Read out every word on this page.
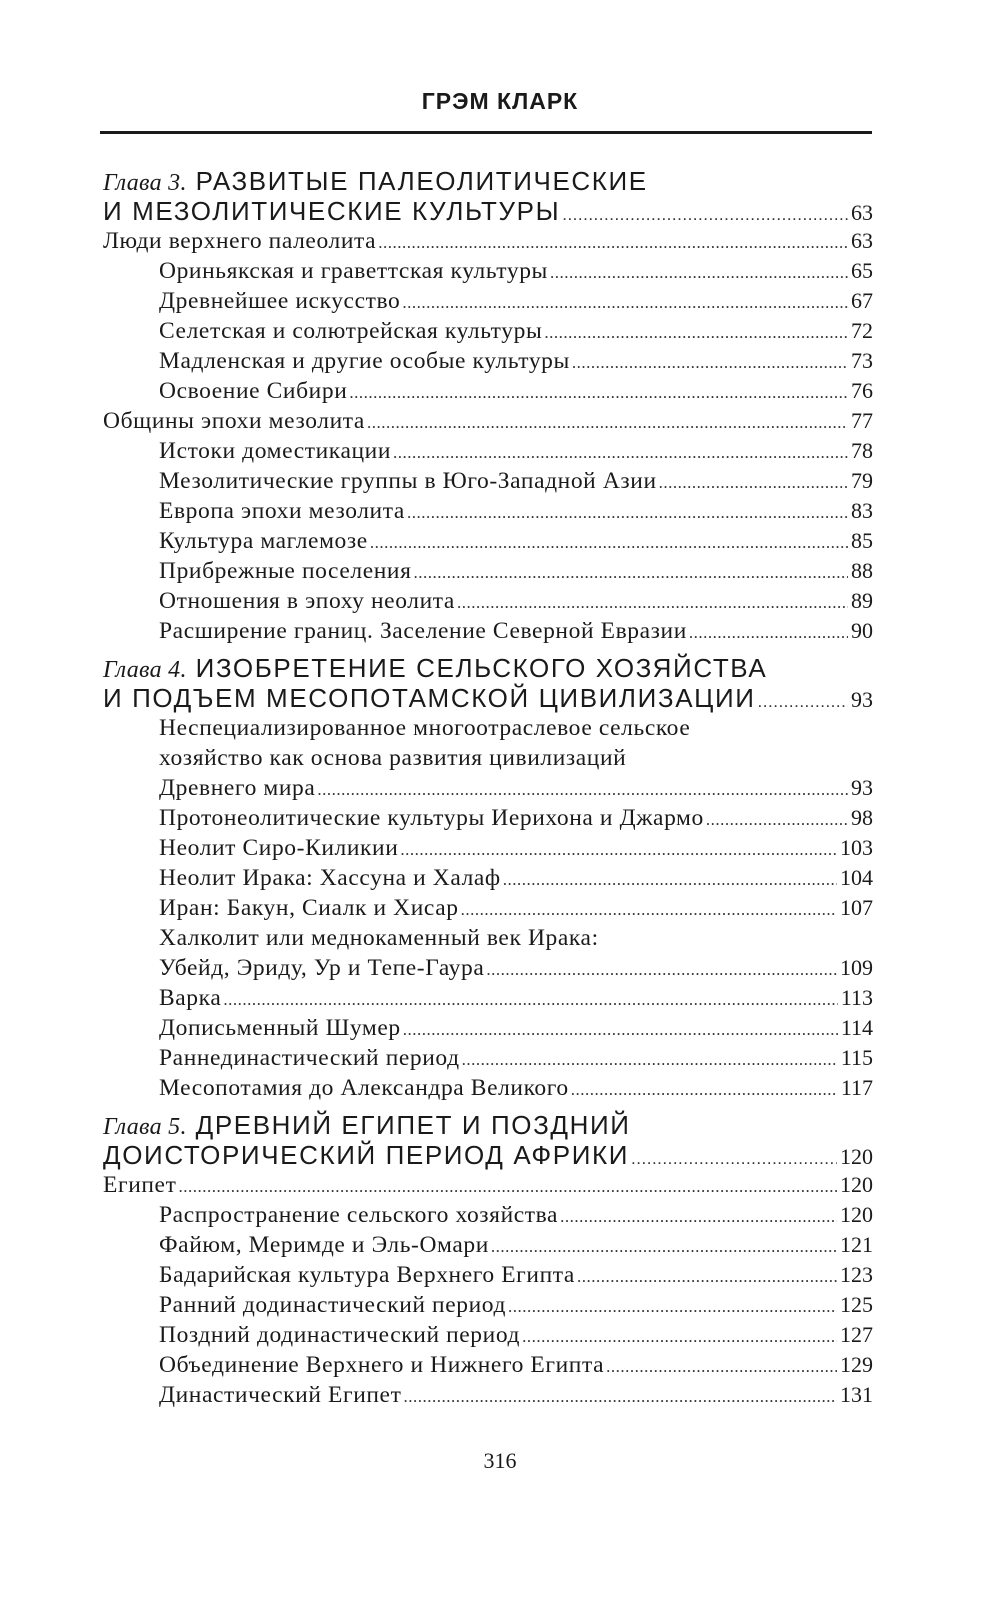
ГРЭМ КЛАРК
Глава 3. РАЗВИТЫЕ ПАЛЕОЛИТИЧЕСКИЕ
И МЕЗОЛИТИЧЕСКИЕ КУЛЬТУРЫ .....	63
Люди верхнего палеолита .....	63
Ориньякская и граветтская культуры .....	65
Древнейшее искусство .....	67
Селетская и солютрейская культуры .....	72
Мадленская и другие особые культуры .....	73
Освоение Сибири .....	76
Общины эпохи мезолита .....	77
Истоки доместикации .....	78
Мезолитические группы в Юго-Западной Азии .....	79
Европа эпохи мезолита .....	83
Культура маглемозе .....	85
Прибрежные поселения .....	88
Отношения в эпоху неолита .....	89
Расширение границ. Заселение Северной Евразии .....	90
Глава 4. ИЗОБРЕТЕНИЕ СЕЛЬСКОГО ХОЗЯЙСТВА
И ПОДЪЕМ МЕСОПОТАМСКОЙ ЦИВИЛИЗАЦИИ .....	93
Неспециализированное многоотраслевое сельское
хозяйство как основа развития цивилизаций
Древнего мира .....	93
Протонеолитические культуры Иерихона и Джармо .....	98
Неолит Сиро-Киликии .....	103
Неолит Ирака: Хассуна и Халаф .....	104
Иран: Бакун, Сиалк и Хисар .....	107
Халколит или меднокаменный век Ирака:
Убейд, Эриду, Ур и Тепе-Гаура .....	109
Варка .....	113
Дописьменный Шумер .....	114
Раннединастический период .....	115
Месопотамия до Александра Великого .....	117
Глава 5. ДРЕВНИЙ ЕГИПЕТ И ПОЗДНИЙ
ДОИСТОРИЧЕСКИЙ ПЕРИОД АФРИКИ .....	120
Египет .....	120
Распространение сельского хозяйства .....	120
Файюм, Меримде и Эль-Омари .....	121
Бадарийская культура Верхнего Египта .....	123
Ранний додинастический период .....	125
Поздний додинастический период .....	127
Объединение Верхнего и Нижнего Египта .....	129
Династический Египет .....	131
316
